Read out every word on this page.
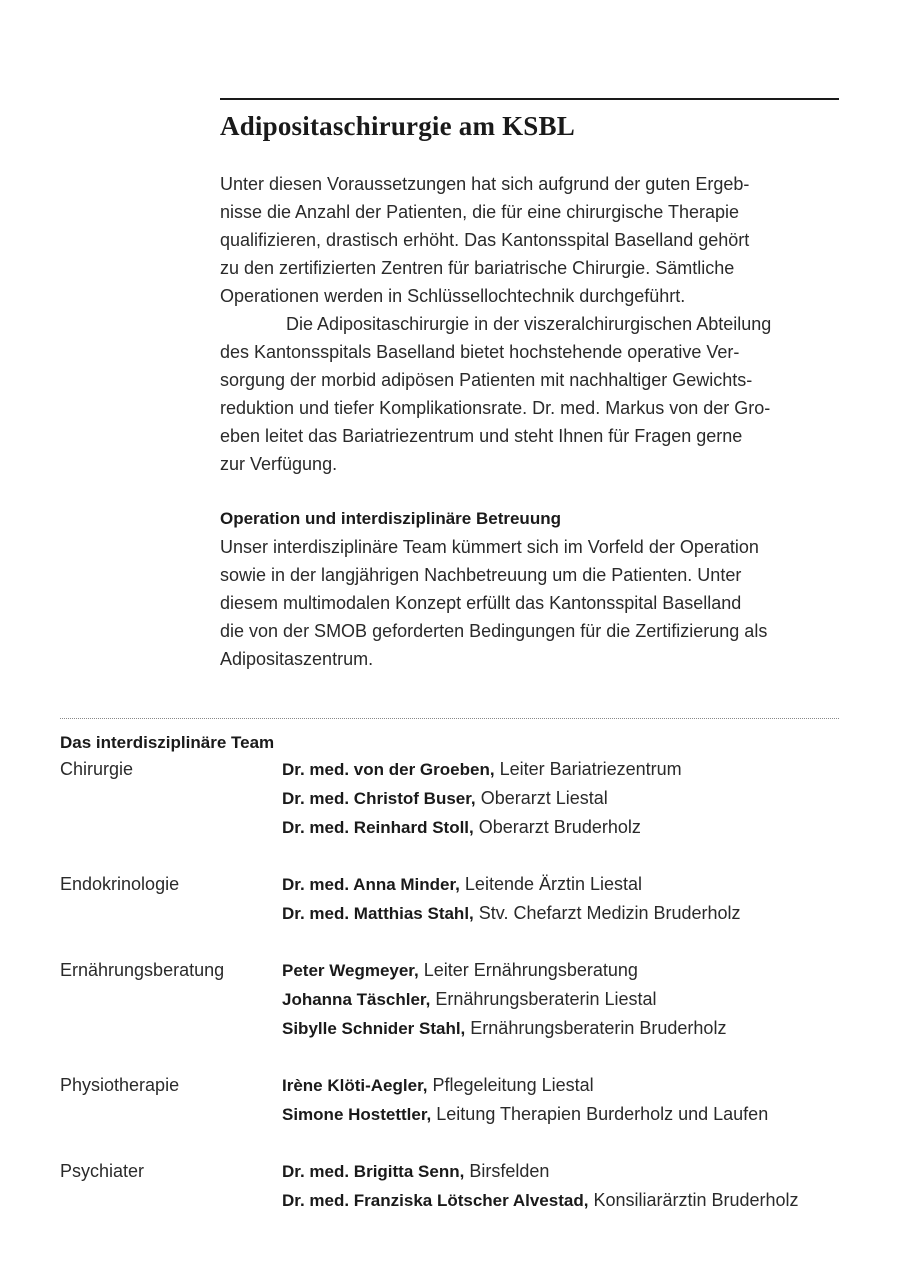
Adipositaschirurgie am KSBL
Unter diesen Voraussetzungen hat sich aufgrund der guten Ergeb-
nisse die Anzahl der Patienten, die für eine chirurgische Therapie
qualifizieren, drastisch erhöht. Das Kantonsspital Baselland gehört
zu den zertifizierten Zentren für bariatrische Chirurgie. Sämtliche
Operationen werden in Schlüssellochtechnik durchgeführt.
Die Adipositaschirurgie in der viszeralchirurgischen Abteilung
des Kantonsspitals Baselland bietet hochstehende operative Ver-
sorgung der morbid adipösen Patienten mit nachhaltiger Gewichts-
reduktion und tiefer Komplikationsrate. Dr. med. Markus von der Gro-
eben leitet das Bariatriezentrum und steht Ihnen für Fragen gerne
zur Verfügung.
Operation und interdisziplinäre Betreuung
Unser interdisziplinäre Team kümmert sich im Vorfeld der Operation
sowie in der langjährigen Nachbetreuung um die Patienten. Unter
diesem multimodalen Konzept erfüllt das Kantonsspital Baselland
die von der SMOB geforderten Bedingungen für die Zertifizierung als
Adipositaszentrum.
Das interdisziplinäre Team
Chirurgie	Dr. med. von der Groeben, Leiter Bariatriezentrum
Dr. med. Christof Buser, Oberarzt Liestal
Dr. med. Reinhard Stoll, Oberarzt Bruderholz
Endokrinologie	Dr. med. Anna Minder, Leitende Ärztin Liestal
Dr. med. Matthias Stahl, Stv. Chefarzt Medizin Bruderholz
Ernährungsberatung	Peter Wegmeyer, Leiter Ernährungsberatung
Johanna Täschler, Ernährungsberaterin Liestal
Sibylle Schnider Stahl, Ernährungsberaterin Bruderholz
Physiotherapie	Irène Klöti-Aegler, Pflegeleitung Liestal
Simone Hostettler, Leitung Therapien Burderholz und Laufen
Psychiater	Dr. med. Brigitta Senn, Birsfelden
Dr. med. Franziska Lötscher Alvestad, Konsiliarärztin Bruderholz
